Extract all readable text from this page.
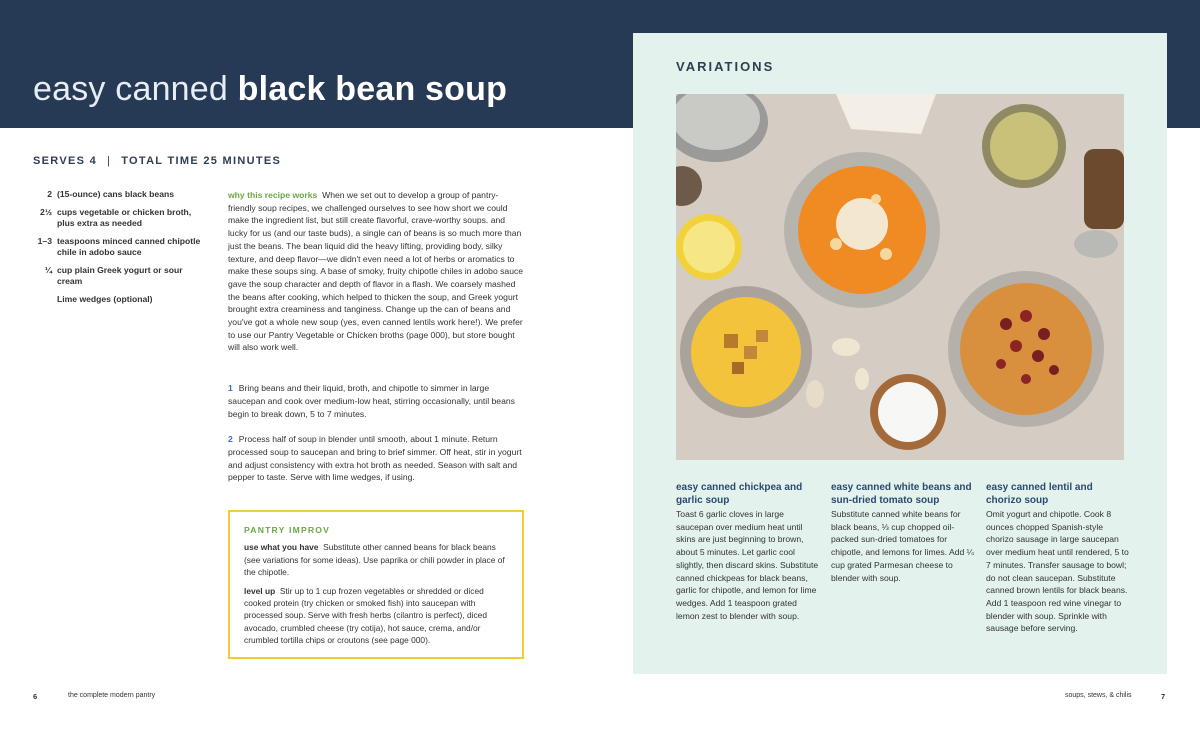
easy canned black bean soup
SERVES 4 | TOTAL TIME 25 MINUTES
2 (15-ounce) cans black beans
2½ cups vegetable or chicken broth, plus extra as needed
1–3 teaspoons minced canned chipotle chile in adobo sauce
¼ cup plain Greek yogurt or sour cream
Lime wedges (optional)

why this recipe works When we set out to develop a group of pantry-friendly soup recipes, we challenged ourselves to see how short we could make the ingredient list, but still create flavorful, crave-worthy soups. and lucky for us (and our taste buds), a single can of beans is so much more than just the beans. The bean liquid did the heavy lifting, providing body, silky texture, and deep flavor—we didn't even need a lot of herbs or aromatics to make these soups sing. A base of smoky, fruity chipotle chiles in adobo sauce gave the soup character and depth of flavor in a flash. We coarsely mashed the beans after cooking, which helped to thicken the soup, and Greek yogurt brought extra creaminess and tanginess. Change up the can of beans and you've got a whole new soup (yes, even canned lentils work here!). We prefer to use our Pantry Vegetable or Chicken broths (page 000), but store bought will also work well.

1 Bring beans and their liquid, broth, and chipotle to simmer in large saucepan and cook over medium-low heat, stirring occasionally, until beans begin to break down, 5 to 7 minutes.

2 Process half of soup in blender until smooth, about 1 minute. Return processed soup to saucepan and bring to brief simmer. Off heat, stir in yogurt and adjust consistency with extra hot broth as needed. Season with salt and pepper to taste. Serve with lime wedges, if using.

PANTRY IMPROV

use what you have Substitute other canned beans for black beans (see variations for some ideas). Use paprika or chili powder in place of the chipotle.

level up Stir up to 1 cup frozen vegetables or shredded or diced cooked protein (try chicken or smoked fish) into saucepan with processed soup. Serve with fresh herbs (cilantro is perfect), diced avocado, crumbled cheese (try cotija), hot sauce, crema, and/or crumbled tortilla chips or croutons (see page 000).

VARIATIONS
easy canned chickpea and garlic soup
Toast 6 garlic cloves in large saucepan over medium heat until skins are just beginning to brown, about 5 minutes. Let garlic cool slightly, then discard skins. Substitute canned chickpeas for black beans, garlic for chipotle, and lemon for lime wedges. Add 1 teaspoon grated lemon zest to blender with soup.
easy canned white beans and sun-dried tomato soup
Substitute canned white beans for black beans, ⅓ cup chopped oil-packed sun-dried tomatoes for chipotle, and lemons for limes. Add ¼ cup grated Parmesan cheese to blender with soup.
easy canned lentil and chorizo soup
Omit yogurt and chipotle. Cook 8 ounces chopped Spanish-style chorizo sausage in large saucepan over medium heat until rendered, 5 to 7 minutes. Transfer sausage to bowl; do not clean saucepan. Substitute canned brown lentils for black beans. Add 1 teaspoon red wine vinegar to blender with soup. Sprinkle with sausage before serving.
6	the complete modern pantry	soups, stews, & chilis	7
